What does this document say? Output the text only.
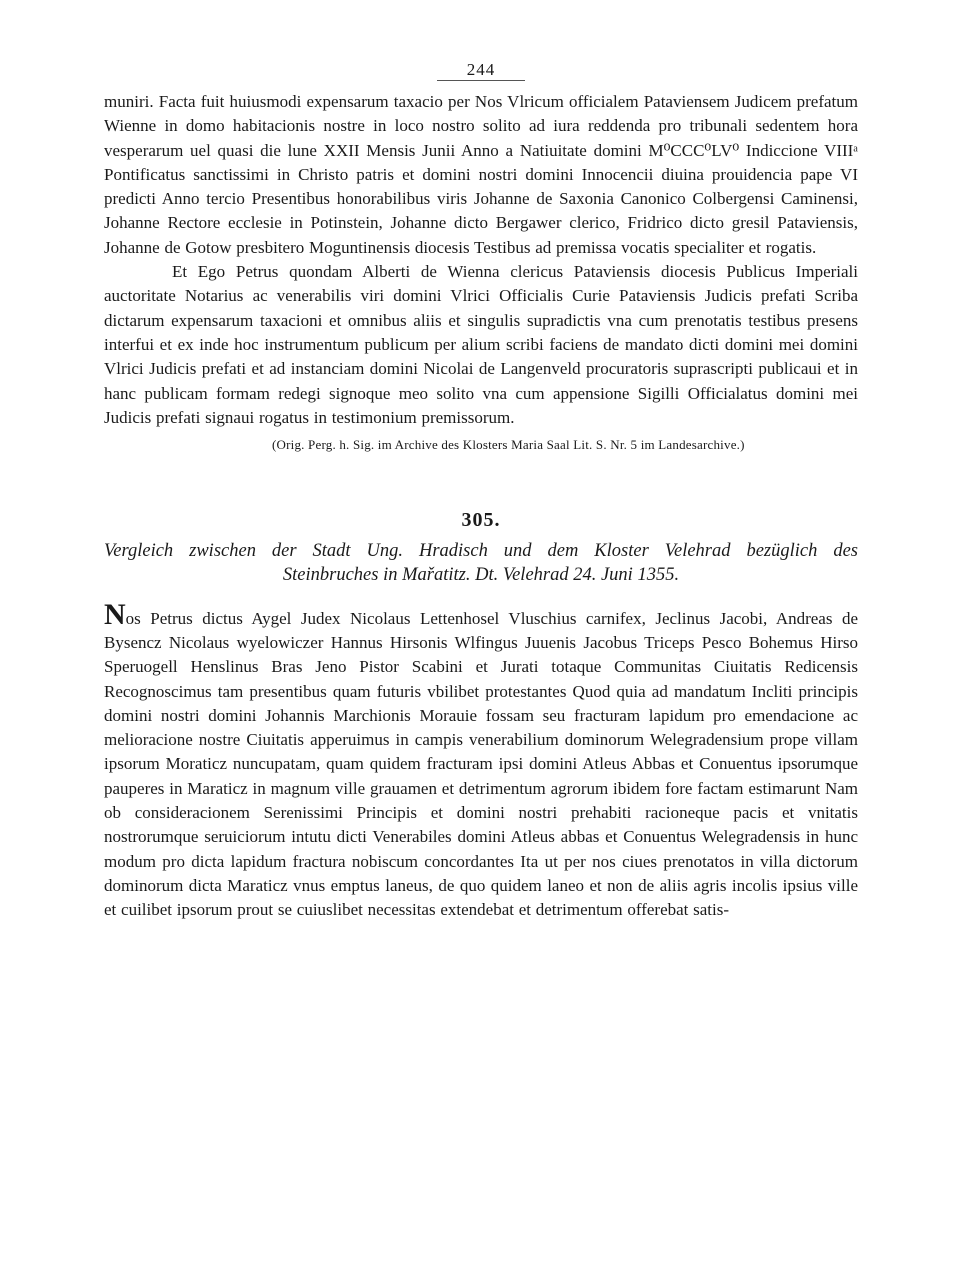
244

muniri. Facta fuit huiusmodi expensarum taxacio per Nos Vlricum officialem Pataviensem Judicem prefatum Wienne in domo habitacionis nostre in loco nostro solito ad iura reddenda pro tribunali sedentem hora vesperarum uel quasi die lune XXII Mensis Junii Anno a Natiuitate domini M⁰CCC⁰LV⁰ Indiccione VIIIᵃ Pontificatus sanctissimi in Christo patris et domini nostri domini Innocencii diuina prouidencia pape VI predicti Anno tercio Presentibus honorabilibus viris Johanne de Saxonia Canonico Colbergensi Caminensi, Johanne Rectore ecclesie in Potinstein, Johanne dicto Bergawer clerico, Fridrico dicto gresil Pataviensis, Johanne de Gotow presbitero Moguntinensis diocesis Testibus ad premissa vocatis specialiter et rogatis.

Et Ego Petrus quondam Alberti de Wienna clericus Pataviensis diocesis Publicus Imperiali auctoritate Notarius ac venerabilis viri domini Vlrici Officialis Curie Pataviensis Judicis prefati Scriba dictarum expensarum taxacioni et omnibus aliis et singulis supradictis vna cum prenotatis testibus presens interfui et ex inde hoc instrumentum publicum per alium scribi faciens de mandato dicti domini mei domini Vlrici Judicis prefati et ad instanciam domini Nicolai de Langenveld procuratoris suprascripti publicaui et in hanc publicam formam redegi signoque meo solito vna cum appensione Sigilli Officialatus domini mei Judicis prefati signaui rogatus in testimonium premissorum.

(Orig. Perg. h. Sig. im Archive des Klosters Maria Saal Lit. S. Nr. 5 im Landesarchive.)

305.
Vergleich zwischen der Stadt Ung. Hradisch und dem Kloster Velehrad bezüglich des
Steinbruches in Mařatitz. Dt. Velehrad 24. Juni 1355.

Nos Petrus dictus Aygel Judex Nicolaus Lettenhosel Vluschius carnifex, Jeclinus Jacobi, Andreas de Bysencz Nicolaus wyelowiczer Hannus Hirsonis Wlfingus Juuenis Jacobus Triceps Pesco Bohemus Hirso Speruogell Henslinus Bras Jeno Pistor Scabini et Jurati totaque Communitas Ciuitatis Redicensis Recognoscimus tam presentibus quam futuris vbilibet protestantes Quod quia ad mandatum Incliti principis domini nostri domini Johannis Marchionis Morauie fossam seu fracturam lapidum pro emendacione ac melioracione nostre Ciuitatis apperuimus in campis venerabilium dominorum Welegradensium prope villam ipsorum Moraticz nuncupatam, quam quidem fracturam ipsi domini Atleus Abbas et Conuentus ipsorumque pauperes in Maraticz in magnum ville grauamen et detrimentum agrorum ibidem fore factam estimarunt Nam ob consideracionem Serenissimi Principis et domini nostri prehabiti racioneque pacis et vnitatis nostrorumque seruiciorum intutu dicti Venerabiles domini Atleus abbas et Conuentus Welegradensis in hunc modum pro dicta lapidum fractura nobiscum concordantes Ita ut per nos ciues prenotatos in villa dictorum dominorum dicta Maraticz vnus emptus laneus, de quo quidem laneo et non de aliis agris incolis ipsius ville et cuilibet ipsorum prout se cuiuslibet necessitas extendebat et detrimentum offerebat satis-
